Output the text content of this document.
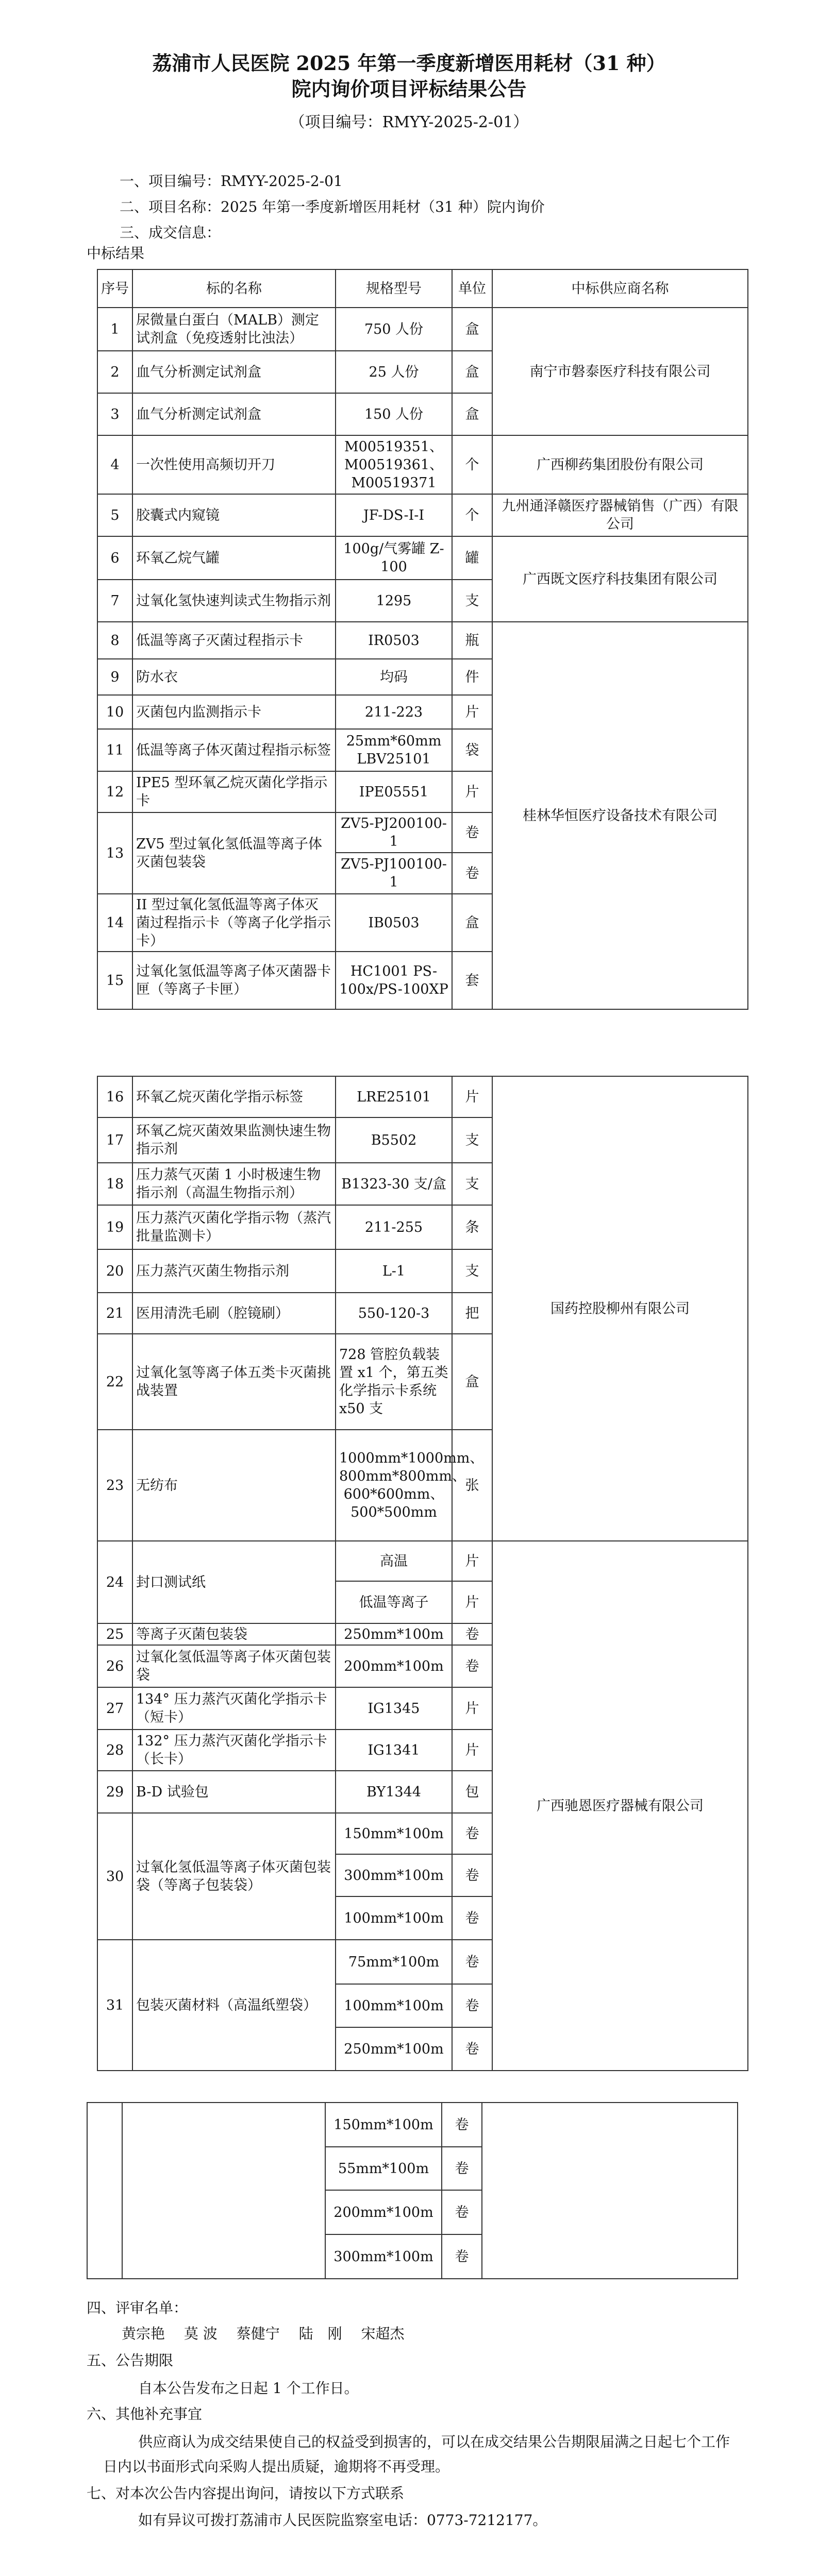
荔浦市人民医院 2025 年第一季度新增医用耗材（31 种）
院内询价项目评标结果公告
（项目编号：RMYY-2025-2-01）
一、项目编号：RMYY-2025-2-01
二、项目名称：2025 年第一季度新增医用耗材（31 种）院内询价
三、成交信息：
中标结果
序号	标的名称	规格型号	单位	中标供应商名称
1	尿微量白蛋白（MALB）测定试剂盒（免疫透射比浊法）	750 人份	盒	南宁市磐泰医疗科技有限公司
2	血气分析测定试剂盒	25 人份	盒	
3	血气分析测定试剂盒	150 人份	盒	
4	一次性使用高频切开刀	M00519351、M00519361、M00519371	个	广西柳药集团股份有限公司
5	胶囊式内窥镜	JF-DS-I-I	个	九州通泽赣医疗器械销售（广西）有限公司
6	环氧乙烷气罐	100g/气雾罐 Z-100	罐	广西既文医疗科技集团有限公司
7	过氧化氢快速判读式生物指示剂	1295	支	
8	低温等离子灭菌过程指示卡	IR0503	瓶	桂林华恒医疗设备技术有限公司
9	防水衣	均码	件	
10	灭菌包内监测指示卡	211-223	片	
11	低温等离子体灭菌过程指示标签	25mm*60mm LBV25101	袋	
12	IPE5 型环氧乙烷灭菌化学指示卡	IPE05551	片	
13	ZV5 型过氧化氢低温等离子体灭菌包装袋	ZV5-PJ200100-1	卷	
		ZV5-PJ100100-1	卷	
14	II 型过氧化氢低温等离子体灭菌过程指示卡（等离子化学指示卡）	IB0503	盒	
15	过氧化氢低温等离子体灭菌器卡匣（等离子卡匣）	HC1001 PS-100x/PS-100XP	套	
16	环氧乙烷灭菌化学指示标签	LRE25101	片	国药控股柳州有限公司
17	环氧乙烷灭菌效果监测快速生物指示剂	B5502	支	
18	压力蒸气灭菌 1 小时极速生物指示剂（高温生物指示剂）	B1323-30 支/盒	支	
19	压力蒸汽灭菌化学指示物（蒸汽批量监测卡）	211-255	条	
20	压力蒸汽灭菌生物指示剂	L-1	支	
21	医用清洗毛刷（腔镜刷）	550-120-3	把	
22	过氧化氢等离子体五类卡灭菌挑战装置	728 管腔负载装置 x1 个，第五类化学指示卡系统 x50 支	盒	
23	无纺布	1000mm*1000mm、800mm*800mm、600*600mm、500*500mm	张	
24	封口测试纸	高温	片	广西驰恩医疗器械有限公司
		低温等离子	片	
25	等离子灭菌包装袋	250mm*100m	卷	
26	过氧化氢低温等离子体灭菌包装袋	200mm*100m	卷	
27	134° 压力蒸汽灭菌化学指示卡（短卡）	IG1345	片	
28	132° 压力蒸汽灭菌化学指示卡（长卡）	IG1341	片	
29	B-D 试验包	BY1344	包	
30	过氧化氢低温等离子体灭菌包装袋（等离子包装袋）	150mm*100m	卷	
		300mm*100m	卷	
		100mm*100m	卷	
31	包装灭菌材料（高温纸塑袋）	75mm*100m	卷	
		100mm*100m	卷	
		250mm*100m	卷	
		150mm*100m	卷	
		55mm*100m	卷	
		200mm*100m	卷	
		300mm*100m	卷	
四、评审名单：
黄宗艳　 莫 波　 蔡健宁　 陆　刚　 宋超杰
五、公告期限
自本公告发布之日起 1 个工作日。
六、其他补充事宜
供应商认为成交结果使自己的权益受到损害的，可以在成交结果公告期限届满之日起七个工作日内以书面形式向采购人提出质疑，逾期将不再受理。
七、对本次公告内容提出询问，请按以下方式联系
如有异议可拨打荔浦市人民医院监察室电话：0773-7212177。
